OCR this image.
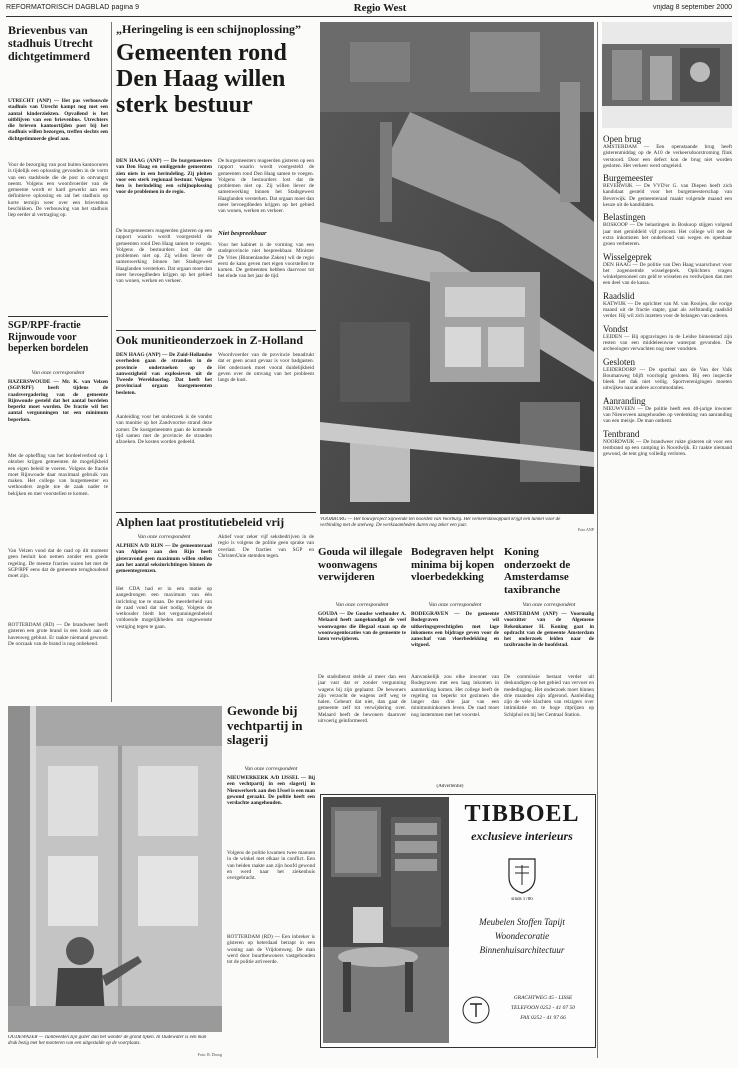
REFORMATORISCH DAGBLAD pagina 9	Regio West	vrijdag 8 september 2000
Brievenbus van stadhuis Utrecht dichtgetimmerd
UTRECHT (ANP) — Het pas verbouwde stadhuis van Utrecht kampt nog met een aantal kinderziekten. Opvallend is het uitblijven van een brievenbus. Utrechters die brieven kantoortijden post bij het stadhuis willen bezorgen, treffen slechts een dichtgetimmerde gleuf aan.
Voor de bezorging van post buiten kantooruren is tijdelijk een oplossing gevonden in de vorm van een stadsbode die de post in ontvangst neemt. Volgens een woordvoerder van de gemeente wordt er hard gewerkt aan een definitieve oplossing en zal het stadhuis op korte termijn weer over een brievenbus beschikken. De verbouwing van het stadhuis liep eerder al vertraging op.
SGP/RPF-fractie Rijnwoude voor beperken bordelen
Van onze correspondent
HAZERSWOUDE — Mr. K. van Velzen (SGP/RPF) heeft tijdens de raadsvergadering van de gemeente Rijnwoude gesteld dat het aantal bordelen beperkt moet worden. De fractie wil het aantal vergunningen tot een minimum beperken.
Met de opheffing van het bordeelverbod op 1 oktober krijgen gemeenten de mogelijkheid een eigen beleid te voeren. Volgens de fractie moet Rijnwoude daar maximaal gebruik van maken. Het college van burgemeester en wethouders zegde toe de zaak nader te bekijken en met voorstellen te komen.
Van Velzen vond dat de raad op dit moment geen besluit kon nemen zonder een goede regeling. De meeste fracties waren het met de SGP/RPF eens dat de gemeente terughoudend moet zijn.
ROTTERDAM (RD) — De brandweer heeft gisteren een grote brand in een loods aan de havenweg geblust. Er raakte niemand gewond. De oorzaak van de brand is nog onbekend.
„Heringeling is een schijnoplossing”
Gemeenten rond Den Haag willen sterk bestuur
DEN HAAG (ANP) — De burgemeesters van Den Haag en omliggende gemeenten zien niets in een herindeling. Zij pleiten voor een sterk regionaal bestuur. Volgens hen is herindeling een schijnoplossing voor de problemen in de regio.
De burgemeesters reageerden gisteren op een rapport waarin wordt voorgesteld de gemeenten rond Den Haag samen te voegen. Volgens de bestuurders lost dat de problemen niet op. Zij willen liever de samenwerking binnen het Stadsgewest Haaglanden versterken. Dat orgaan moet dan meer bevoegdheden krijgen op het gebied van wonen, werken en verkeer.
De burgemeesters reageerden gisteren op een rapport waarin wordt voorgesteld de gemeenten rond Den Haag samen te voegen. Volgens de bestuurders lost dat de problemen niet op. Zij willen liever de samenwerking binnen het Stadsgewest Haaglanden versterken. Dat orgaan moet dan meer bevoegdheden krijgen op het gebied van wonen, werken en verkeer.
Niet bespreekbaar
Voor het kabinet is de vorming van een stadsprovincie niet bespreekbaar. Minister De Vries (Binnenlandse Zaken) wil de regio eerst de kans geven met eigen voorstellen te komen. De gemeenten hebben daarvoor tot het einde van het jaar de tijd.
Ook munitieonderzoek in Z-Holland
DEN HAAG (ANP) — De Zuid-Hollandse overheden gaan de stranden in de provincie onderzoeken op de aanwezigheid van explosieven uit de Tweede Wereldoorlog. Dat heeft het provinciaal orgaan kustgemeenten besloten.
Aanleiding voor het onderzoek is de vondst van munitie op het Zandvoortse strand deze zomer. De kustgemeenten gaan de komende tijd samen met de provincie de stranden afzoeken. De kosten worden gedeeld.
Woordvoerder van de provincie benadrukt dat er geen acuut gevaar is voor badgasten. Het onderzoek moet vooral duidelijkheid geven over de omvang van het probleem langs de kust.
Alphen laat prostitutiebeleid vrij
Van onze correspondent
ALPHEN A/D RIJN — De gemeenteraad van Alphen aan den Rijn heeft gisteravond geen maximum willen stellen aan het aantal seksinrichtingen binnen de gemeentegrenzen.
Het CDA had er in een motie op aangedrongen een maximum van één inrichting toe te staan. De meerderheid van de raad vond dat niet nodig. Volgens de wethouder biedt het vergunningenbeleid voldoende mogelijkheden om ongewenste vestiging tegen te gaan.
Aktief voor zeker vijf seksbedrijven in de regio is volgens de politie geen sprake van overlast. De fracties van SGP en ChristenUnie stemden tegen.
VOORBURG — Het bouwproject Sijtwende ten noorden van Voorburg. Het verkeersknooppunt krijgt een tunnel voor de verbinding met de snelweg. De werkzaamheden duren nog zeker een jaar.
Foto ANP
Gouda wil illegale woonwagens verwijderen
Van onze correspondent
GOUDA — De Goudse wethouder A. Melaard heeft aangekondigd de veel woonwagens die illegaal staan op de woonwagenlocaties van de gemeente te laten verwijderen.
De stadsdienst stelde al meer dan een jaar vast dat er zonder vergunning wagens bij zijn geplaatst. De bewoners zijn verzocht de wagens zelf weg te halen. Gebeurt dat niet, dan gaat de gemeente zelf tot verwijdering over. Melaard heeft de bewoners daarover uitvoerig geïnformeerd.
Bodegraven helpt minima bij kopen vloerbedekking
Van onze correspondent
BODEGRAVEN — De gemeente Bodegraven wil uitkeringsgerechtigden met lage inkomens een bijdrage geven voor de aanschaf van vloerbedekking en witgoed.
Aanvankelijk zou elke inwoner van Bodegraven met een laag inkomen in aanmerking komen. Het college heeft de regeling nu beperkt tot gezinnen die langer dan drie jaar van een minimuminkomen leven. De raad moet nog instemmen met het voorstel.
Koning onderzoekt de Amsterdamse taxibranche
Van onze correspondent
AMSTERDAM (ANP) — Voormalig voorzitter van de Algemene Rekenkamer H. Koning gaat in opdracht van de gemeente Amsterdam het onderzoek leiden naar de taxibranche in de hoofdstad.
De commissie bestaat verder uit deskundigen op het gebied van vervoer en mededinging. Het onderzoek moet binnen drie maanden zijn afgerond. Aanleiding zijn de vele klachten van reizigers over intimidatie en te hoge ritprijzen op Schiphol en bij het Centraal Station.
Gewonde bij vechtpartij in slagerij
Van onze correspondent
NIEUWERKERK A/D IJSSEL — Bij een vechtpartij in een slagerij in Nieuwerkerk aan den IJssel is een man gewond geraakt. De politie heeft een verdachte aangehouden.
Volgens de politie kwamen twee mannen in de winkel met elkaar in conflict. Een van beiden raakte aan zijn hoofd gewond en werd naar het ziekenhuis overgebracht.
ROTTERDAM (RD) — Een inbreker is gisteren op heterdaad betrapt in een woning aan de Vrijdomweg. De man werd door buurtbewoners vastgehouden tot de politie arriveerde.
OUDEWATER — Tuinbeelden zijn gister dan het wonder de grond lijken. In Oudewater is een man druk bezig met het monteren van een uitgestalde op de voorplaats.
Foto: R. Droog
(Advertentie)
TIBBOEL
exclusieve interieurs
sinds 1786
Meubelen Stoffen Tapijt
Woondecoratie
Binnenhuisarchitectuur
GRACHTWEG 45 - LISSE
TELEFOON 0252 - 41 07 50
FAX 0252 - 41 97 66
Open brug
AMSTERDAM — Een openstaande brug heeft gisterenmiddag op de A10 de verkeersdoorstroming flink verstoord. Door een defect kon de brug niet worden gesloten. Het verkeer werd omgeleid.
Burgemeester
BEVERWIJK — De VVD'er G. van Diepen heeft zich kandidaat gesteld voor het burgemeesterschap van Beverwijk. De gemeenteraad maakt volgende maand een keuze uit de kandidaten.
Belastingen
BOSKOOP — De belastingen in Boskoop stijgen volgend jaar met gemiddeld vijf procent. Het college wil met de extra inkomsten het onderhoud van wegen en openbaar groen verbeteren.
Wisselgeprek
DEN HAAG — De politie van Den Haag waarschuwt voor het zogenoemde wisselgeprek. Oplichters vragen winkelpersoneel om geld te wisselen en verdwijnen dan met een deel van de kassa.
Raadslid
KATWIJK — De oprichter van M. van Rooijen, die vorige maand uit de fractie stapte, gaat als zelfstandig raadslid verder. Hij wil zich inzetten voor de belangen van ouderen.
Vondst
LEIDEN — Bij opgravingen in de Leidse binnenstad zijn resten van een middeleeuwse waterput gevonden. De archeologen verwachten nog meer vondsten.
Gesloten
LEIDERDORP — De sporthal aan de Van der Valk Boumanweg blijft voorlopig gesloten. Bij een inspectie bleek het dak niet veilig. Sportverenigingen moeten uitwijken naar andere accommodaties.
Aanranding
NIEUWVEEN — De politie heeft een 40-jarige inwoner van Nieuwveen aangehouden op verdenking van aanranding van een meisje. De man ontkent.
Tentbrand
NOORDWIJK — De brandweer rukte gisteren uit voor een tentbrand op een camping in Noordwijk. Er raakte niemand gewond, de tent ging volledig verloren.
